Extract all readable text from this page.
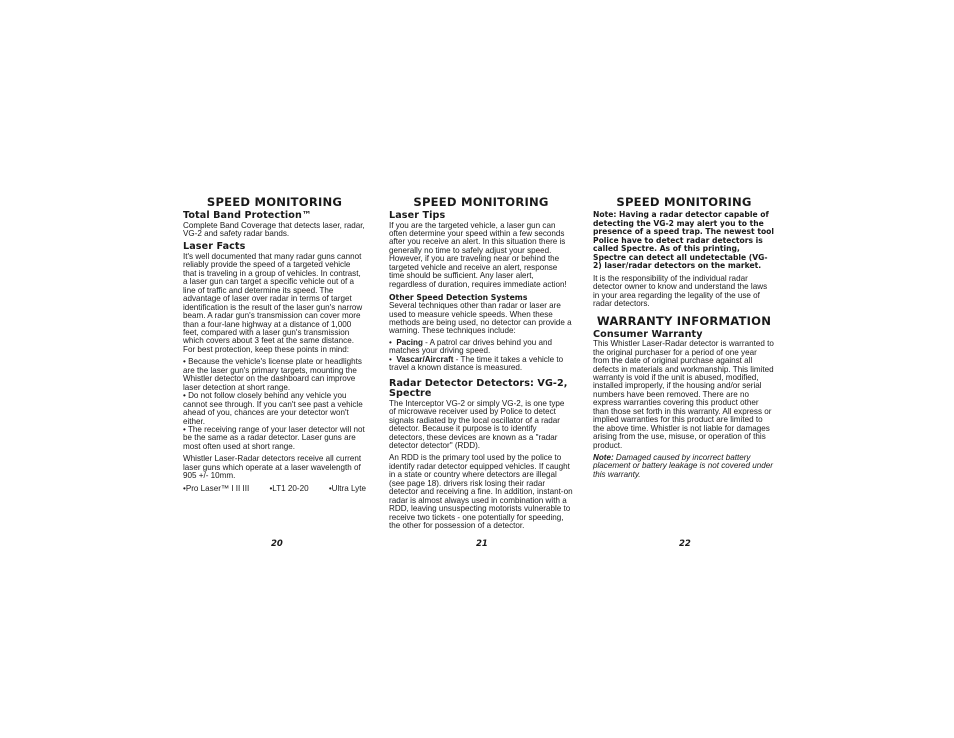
SPEED MONITORING
Total Band Protection™

Complete Band Coverage that detects laser, radar, VG-2 and safety radar bands.

Laser Facts

It's well documented that many radar guns cannot reliably provide the speed of a targeted vehicle that is traveling in a group of vehicles. In contrast, a laser gun can target a specific vehicle out of a line of traffic and determine its speed. The advantage of laser over radar in terms of target identification is the result of the laser gun's narrow beam. A radar gun's transmission can cover more than a four-lane highway at a distance of 1,000 feet, compared with a laser gun's transmission which covers about 3 feet at the same distance. For best protection, keep these points in mind:

• Because the vehicle's license plate or headlights are the laser gun's primary targets, mounting the Whistler detector on the dashboard can improve laser detection at short range.

• Do not follow closely behind any vehicle you cannot see through. If you can't see past a vehicle ahead of you, chances are your detector won't either.

• The receiving range of your laser detector will not be the same as a radar detector. Laser guns are most often used at short range.

Whistler Laser-Radar detectors receive all current laser guns which operate at a laser wavelength of 905 +/- 10mm.

•Pro Laser™ I II III •LT1 20-20 •Ultra Lyte
20
SPEED MONITORING
Laser Tips

If you are the targeted vehicle, a laser gun can often determine your speed within a few seconds after you receive an alert. In this situation there is generally no time to safely adjust your speed. However, if you are traveling near or behind the targeted vehicle and receive an alert, response time should be sufficient. Any laser alert, regardless of duration, requires immediate action!

Other Speed Detection Systems

Several techniques other than radar or laser are used to measure vehicle speeds. When these methods are being used, no detector can provide a warning. These techniques include:

•  Pacing - A patrol car drives behind you and matches your driving speed.
•  Vascar/Aircraft - The time it takes a vehicle to travel a known distance is measured.
Radar Detector Detectors: VG-2, Spectre

The Interceptor VG-2 or simply VG-2, is one type of microwave receiver used by Police to detect signals radiated by the local oscillator of a radar detector. Because it purpose is to identify detectors, these devices are known as a "radar detector detector" (RDD).

An RDD is the primary tool used by the police to identify radar detector equipped vehicles. If caught in a state or country where detectors are illegal (see page 18). drivers risk losing their radar detector and receiving a fine. In addition, instant-on radar is almost always used in combination with a RDD, leaving unsuspecting motorists vulnerable to receive two tickets - one potentially for speeding, the other for possession of a detector.

21
SPEED MONITORING

Note: Having a radar detector capable of detecting the VG-2 may alert you to the presence of a speed trap. The newest tool Police have to detect radar detectors is called Spectre. As of this printing, Spectre can detect all undetectable (VG-2) laser/radar detectors on the market.

It is the responsibility of the individual radar detector owner to know and understand the laws in your area regarding the legality of the use of radar detectors.

WARRANTY INFORMATION
Consumer Warranty

This Whistler Laser-Radar detector is warranted to the original purchaser for a period of one year from the date of original purchase against all defects in materials and workmanship. This limited warranty is void if the unit is abused, modified, installed improperly, if the housing and/or serial numbers have been removed. There are no express warranties covering this product other than those set forth in this warranty. All express or implied warranties for this product are limited to the above time. Whistler is not liable for damages arising from the use, misuse, or operation of this product.

Note: Damaged caused by incorrect battery placement or battery leakage is not covered under this warranty.

22
